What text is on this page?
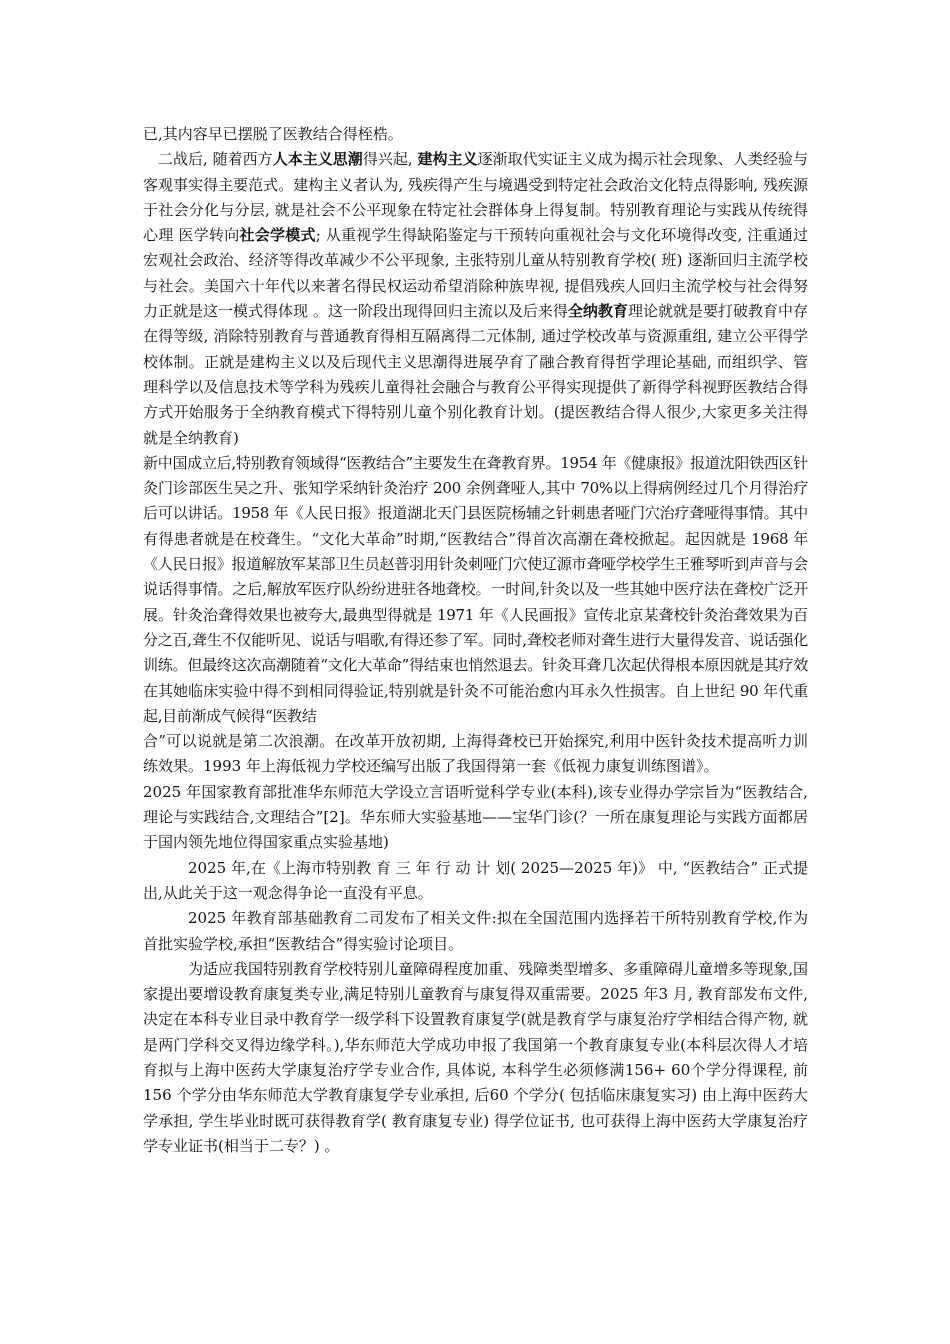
已,其内容早已摆脱了医教结合得桎梏。

二战后, 随着西方人本主义思潮得兴起, 建构主义逐渐取代实证主义成为揭示社会现象、人类经验与客观事实得主要范式。建构主义者认为, 残疾得产生与境遇受到特定社会政治文化特点得影响, 残疾源于社会分化与分层, 就是社会不公平现象在特定社会群体身上得复制。特别教育理论与实践从传统得心理 医学转向社会学模式; 从重视学生得缺陷鉴定与干预转向重视社会与文化环境得改变, 注重通过宏观社会政治、经济等得改革减少不公平现象, 主张特别儿童从特别教育学校( 班) 逐渐回归主流学校与社会。美国六十年代以来著名得民权运动希望消除种族卑视, 提倡残疾人回归主流学校与社会得努力正就是这一模式得体现 。这一阶段出现得回归主流以及后来得全纳教育理论就就是要打破教育中存在得等级, 消除特别教育与普通教育得相互隔离得二元体制, 通过学校改革与资源重组, 建立公平得学校体制。正就是建构主义以及后现代主义思潮得进展孕育了融合教育得哲学理论基础, 而组织学、管理科学以及信息技术等学科为残疾儿童得社会融合与教育公平得实现提供了新得学科视野医教结合得方式开始服务于全纳教育模式下得特别儿童个别化教育计划。(提医教结合得人很少,大家更多关注得就是全纳教育)

新中国成立后,特别教育领域得“医教结合”主要发生在聋教育界。1954 年《健康报》报道沈阳铁西区针灸门诊部医生吴之升、张知学采纳针灸治疗 200 余例聋哑人,其中 70%以上得病例经过几个月得治疗后可以讲话。1958 年《人民日报》报道湖北天门县医院杨辅之针刺患者哑门穴治疗聋哑得事情。其中有得患者就是在校聋生。“文化大革命”时期,“医教结合”得首次高潮在聋校掀起。起因就是 1968 年《人民日报》报道解放军某部卫生员赵普羽用针灸刺哑门穴使辽源市聋哑学校学生王雅琴听到声音与会说话得事情。之后,解放军医疗队纷纷进驻各地聋校。一时间,针灸以及一些其她中医疗法在聋校广泛开展。针灸治聋得效果也被夸大,最典型得就是 1971 年《人民画报》宣传北京某聋校针灸治聋效果为百分之百,聋生不仅能听见、说话与唱歌,有得还参了军。同时,聋校老师对聋生进行大量得发音、说话强化训练。但最终这次高潮随着“文化大革命”得结束也悄然退去。针灸耳聋几次起伏得根本原因就是其疗效在其她临床实验中得不到相同得验证,特别就是针灸不可能治愈内耳永久性损害。自上世纪 90 年代重起,目前渐成气候得“医教结

合”可以说就是第二次浪潮。在改革开放初期, 上海得聋校已开始探究,利用中医针灸技术提高听力训练效果。1993 年上海低视力学校还编写出版了我国得第一套《低视力康复训练图谱》。

2025 年国家教育部批准华东师范大学设立言语听觉科学专业(本科),该专业得办学宗旨为“医教结合,理论与实践结合,文理结合”[2]。华东师大实验基地——宝华门诊(？一所在康复理论与实践方面都居于国内领先地位得国家重点实验基地)

2025 年,在《上海市特别教 育 三 年 行 动 计 划( 2025—2025 年)》 中, “医教结合” 正式提出,从此关于这一观念得争论一直没有平息。

2025 年教育部基础教育二司发布了相关文件:拟在全国范围内选择若干所特别教育学校,作为首批实验学校,承担“医教结合”得实验讨论项目。

为适应我国特别教育学校特别儿童障碍程度加重、残障类型增多、多重障碍儿童增多等现象,国家提出要增设教育康复类专业,满足特别儿童教育与康复得双重需要。2025 年3 月, 教育部发布文件,决定在本科专业目录中教育学一级学科下设置教育康复学(就是教育学与康复治疗学相结合得产物, 就是两门学科交叉得边缘学科。),华东师范大学成功申报了我国第一个教育康复专业(本科层次得人才培育拟与上海中医药大学康复治疗学专业合作, 具体说, 本科学生必须修满156+ 60个学分得课程, 前156 个学分由华东师范大学教育康复学专业承担, 后60 个学分( 包括临床康复实习) 由上海中医药大学承担, 学生毕业时既可获得教育学( 教育康复专业) 得学位证书, 也可获得上海中医药大学康复治疗学专业证书(相当于二专？) 。
